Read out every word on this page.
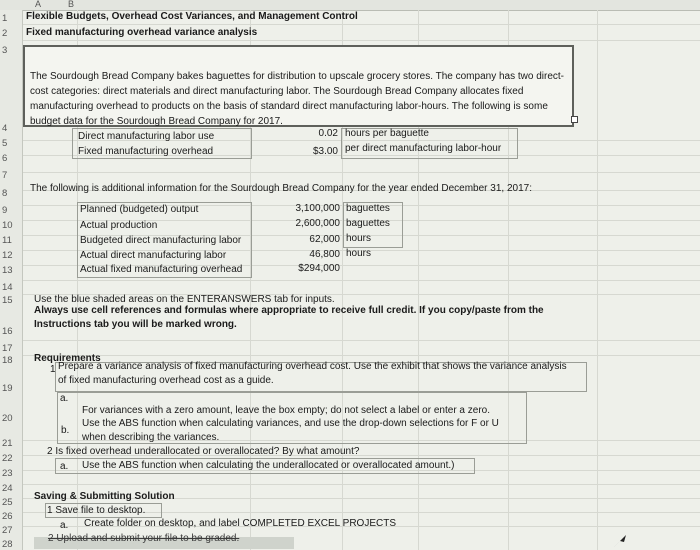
A	B
1
2
3
4
5
6
7
8
9
10
11
12
13
14
15
16
17
18
19
20
21
22
23
24
25
26
27
28
Flexible Budgets, Overhead Cost Variances, and Management Control
Fixed manufacturing overhead variance analysis
The Sourdough Bread Company bakes baguettes for distribution to upscale grocery stores. The company has two direct-
cost categories: direct materials and direct manufacturing labor. The Sourdough Bread Company allocates fixed
manufacturing overhead to products on the basis of standard direct manufacturing labor-hours. The following is some
budget data for the Sourdough Bread Company for 2017.
Direct manufacturing labor use	0.02 hours per baguette
Fixed manufacturing overhead	$3.00 per direct manufacturing labor-hour
The following is additional information for the Sourdough Bread Company for the year ended December 31, 2017:
Planned (budgeted) output	3,100,000 baguettes
Actual production	2,600,000 baguettes
Budgeted direct manufacturing labor	62,000 hours
Actual direct manufacturing labor	46,800 hours
Actual fixed manufacturing overhead	$294,000
Use the blue shaded areas on the ENTERANSWERS tab for inputs.
Always use cell references and formulas where appropriate to receive full credit. If you copy/paste from the
Instructions tab you will be marked wrong.
Requirements
1 Prepare a variance analysis of fixed manufacturing overhead cost. Use the exhibit that shows the variance analysis
of fixed manufacturing overhead cost as a guide.
a.
b.
For variances with a zero amount, leave the box empty; do not select a label or enter a zero.
Use the ABS function when calculating variances, and use the drop-down selections for F or U
when describing the variances.
2 Is fixed overhead underallocated or overallocated? By what amount?
a. Use the ABS function when calculating the underallocated or overallocated amount.)
Saving & Submitting Solution
1 Save file to desktop.
a. Create folder on desktop, and label COMPLETED EXCEL PROJECTS
2 Upload and submit your file to be graded.
